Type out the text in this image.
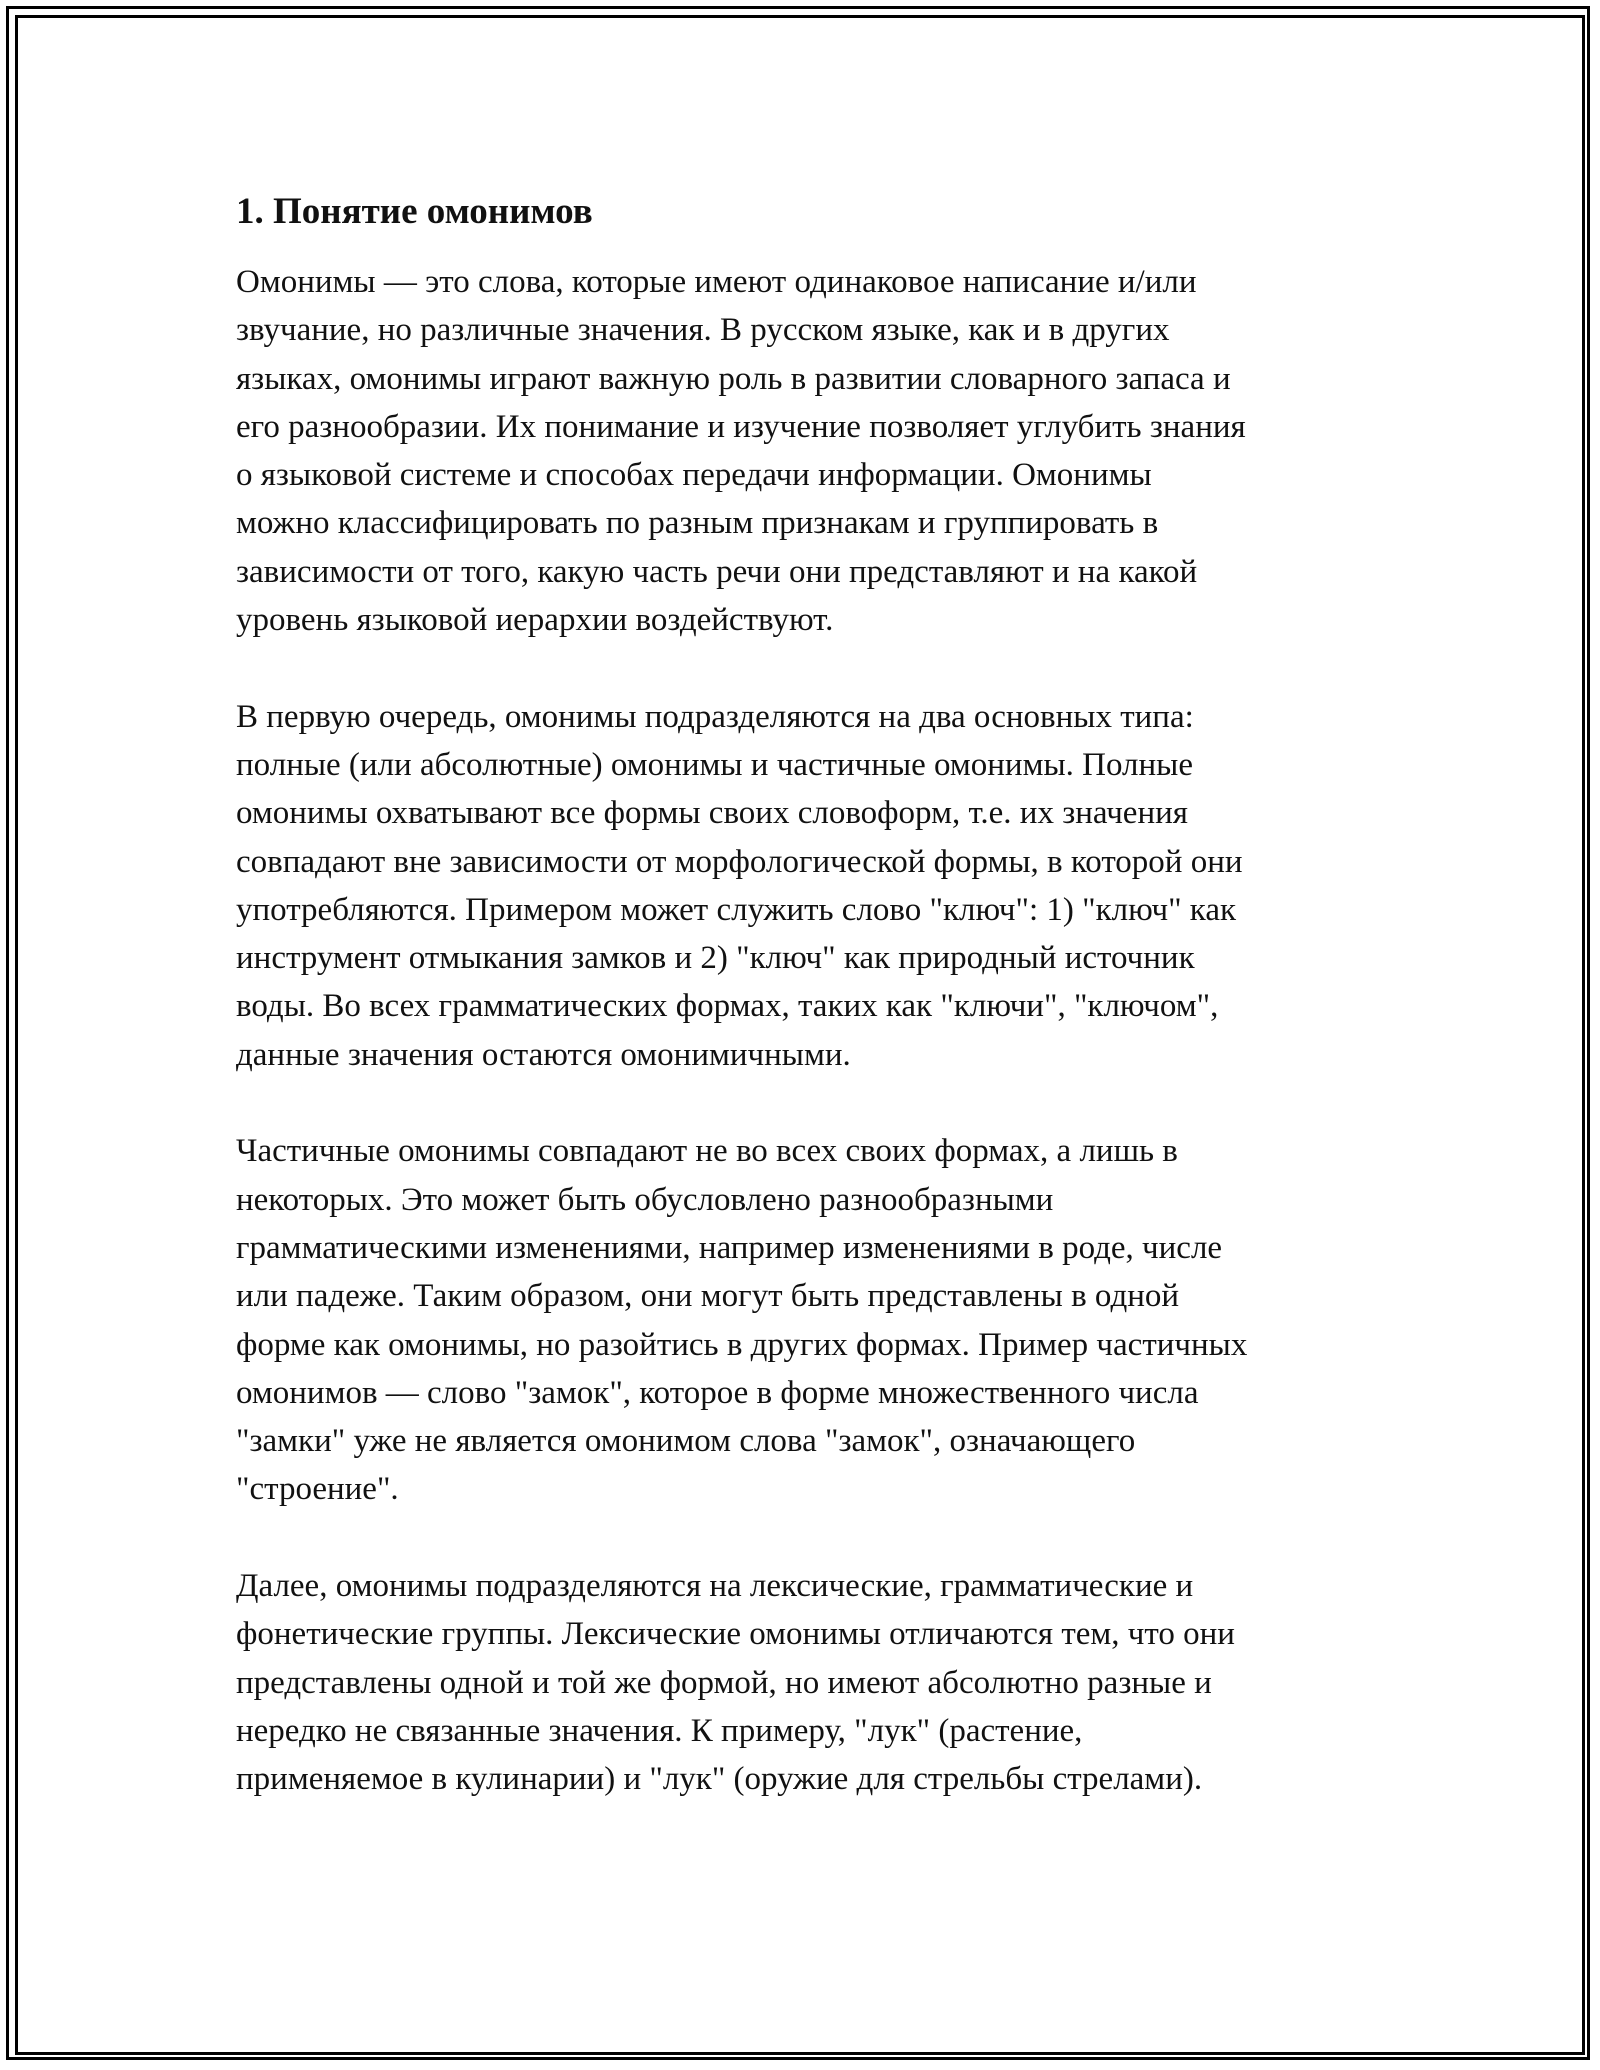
1. Понятие омонимов
Омонимы — это слова, которые имеют одинаковое написание и/или
звучание, но различные значения. В русском языке, как и в других
языках, омонимы играют важную роль в развитии словарного запаса и
его разнообразии. Их понимание и изучение позволяет углубить знания
о языковой системе и способах передачи информации. Омонимы
можно классифицировать по разным признакам и группировать в
зависимости от того, какую часть речи они представляют и на какой
уровень языковой иерархии воздействуют.
В первую очередь, омонимы подразделяются на два основных типа:
полные (или абсолютные) омонимы и частичные омонимы. Полные
омонимы охватывают все формы своих словоформ, т.е. их значения
совпадают вне зависимости от морфологической формы, в которой они
употребляются. Примером может служить слово "ключ": 1) "ключ" как
инструмент отмыкания замков и 2) "ключ" как природный источник
воды. Во всех грамматических формах, таких как "ключи", "ключом",
данные значения остаются омонимичными.
Частичные омонимы совпадают не во всех своих формах, а лишь в
некоторых. Это может быть обусловлено разнообразными
грамматическими изменениями, например изменениями в роде, числе
или падеже. Таким образом, они могут быть представлены в одной
форме как омонимы, но разойтись в других формах. Пример частичных
омонимов — слово "замок", которое в форме множественного числа
"замки" уже не является омонимом слова "замок", означающего
"строение".
Далее, омонимы подразделяются на лексические, грамматические и
фонетические группы. Лексические омонимы отличаются тем, что они
представлены одной и той же формой, но имеют абсолютно разные и
нередко не связанные значения. К примеру, "лук" (растение,
применяемое в кулинарии) и "лук" (оружие для стрельбы стрелами).
